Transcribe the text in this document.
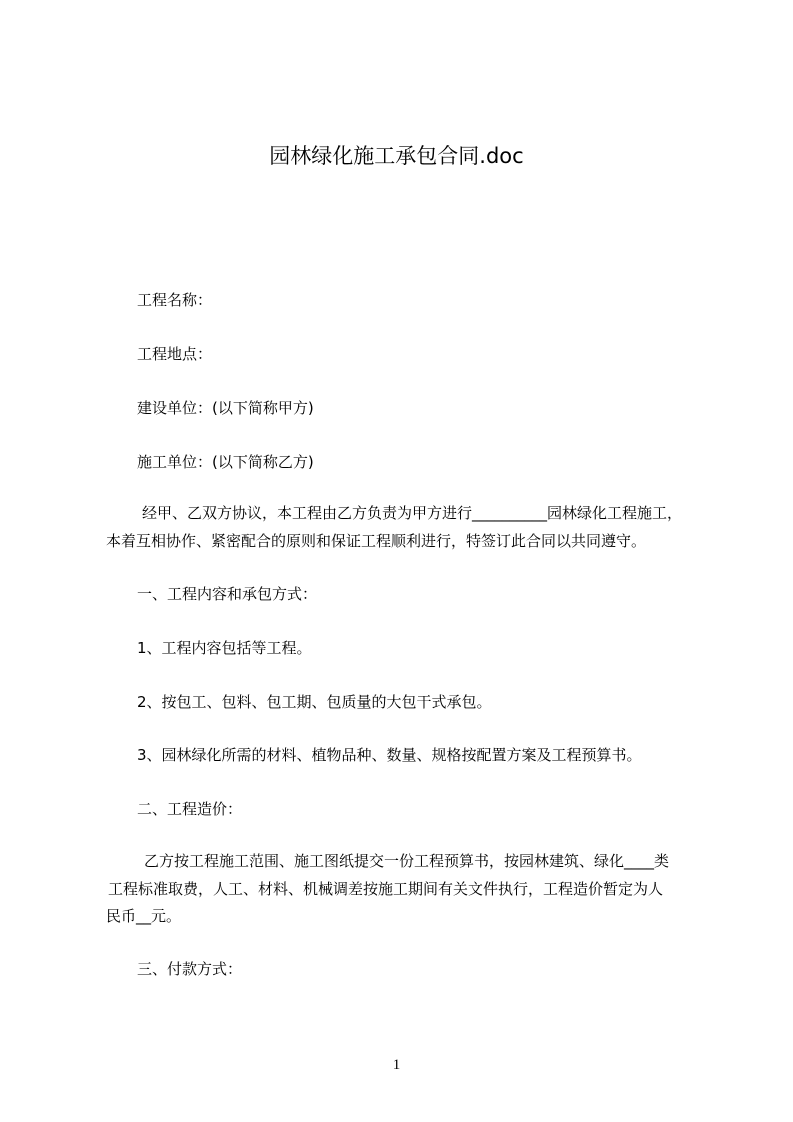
园林绿化施工承包合同.doc
工程名称：
工程地点：
建设单位：(以下简称甲方)
施工单位：(以下简称乙方)
经甲、乙双方协议，本工程由乙方负责为甲方进行__________园林绿化工程施工，
本着互相协作、紧密配合的原则和保证工程顺利进行，特签订此合同以共同遵守。
一、工程内容和承包方式：
1、工程内容包括等工程。
2、按包工、包料、包工期、包质量的大包干式承包。
3、园林绿化所需的材料、植物品种、数量、规格按配置方案及工程预算书。
二、工程造价：
乙方按工程施工范围、施工图纸提交一份工程预算书，按园林建筑、绿化____类
工程标准取费，人工、材料、机械调差按施工期间有关文件执行，工程造价暂定为人
民币__元。
三、付款方式：
1
